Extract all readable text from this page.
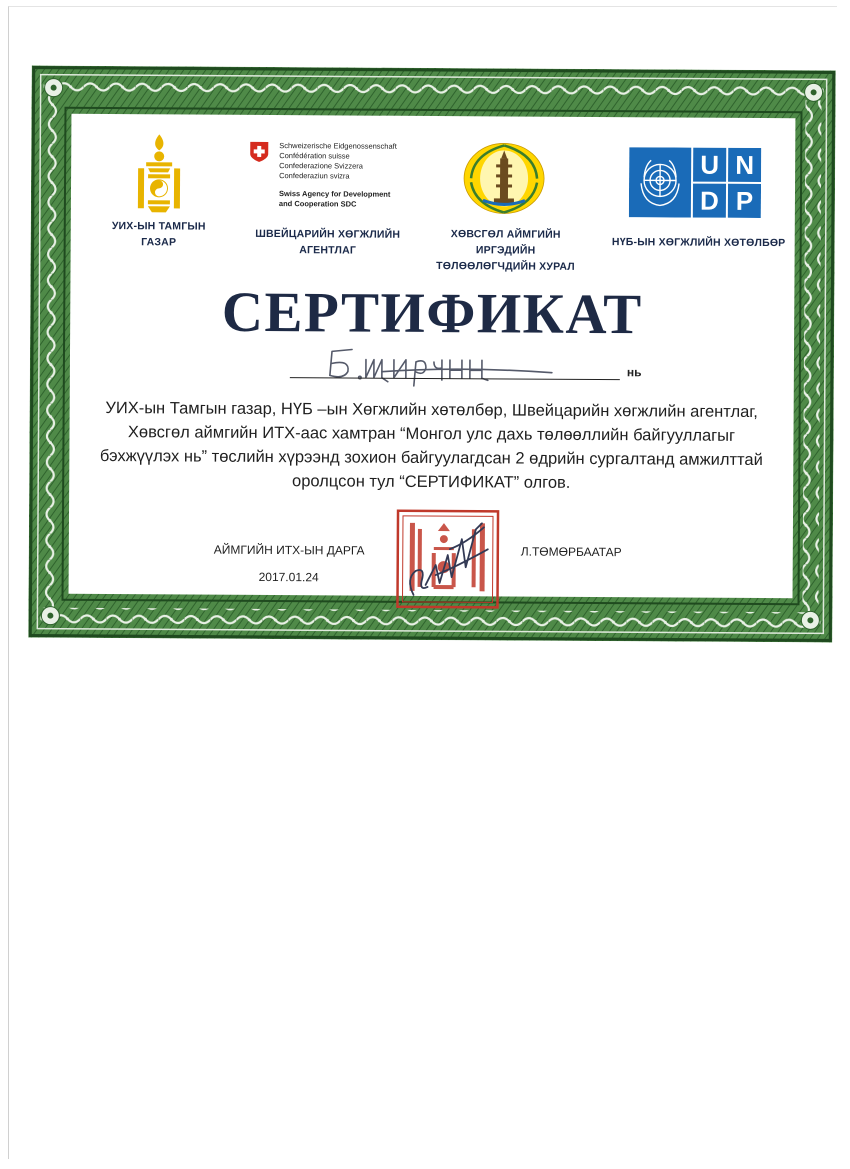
УИХ-ЫН ТАМГЫН
ГАЗАР
Schweizerische Eidgenossenschaft
Confédération suisse
Confederazione Svizzera
Confederaziun svizra
Swiss Agency for Development
and Cooperation SDC
ШВЕЙЦАРИЙН ХӨГЖЛИЙН
АГЕНТЛАГ
ХӨВСГӨЛ АЙМГИЙН ИРГЭДИЙН
ТӨЛӨӨЛӨГЧДИЙН ХУРАЛ
U N
D P
НҮБ-ЫН ХӨГЖЛИЙН ХӨТӨЛБӨР
СЕРТИФИКАТ
нь
УИХ-ын Тамгын газар, НҮБ –ын Хөгжлийн хөтөлбөр, Швейцарийн хөгжлийн агентлаг, Хөвсгөл аймгийн ИТХ-аас хамтран “Монгол улс дахь төлөөллийн байгууллагыг бэхжүүлэх нь” төслийн хүрээнд зохион байгуулагдсан 2 өдрийн сургалтанд амжилттай оролцсон тул “СЕРТИФИКАТ” олгов.
АЙМГИЙН ИТХ-ЫН ДАРГА
2017.01.24
Л.ТӨМӨРБААТАР
